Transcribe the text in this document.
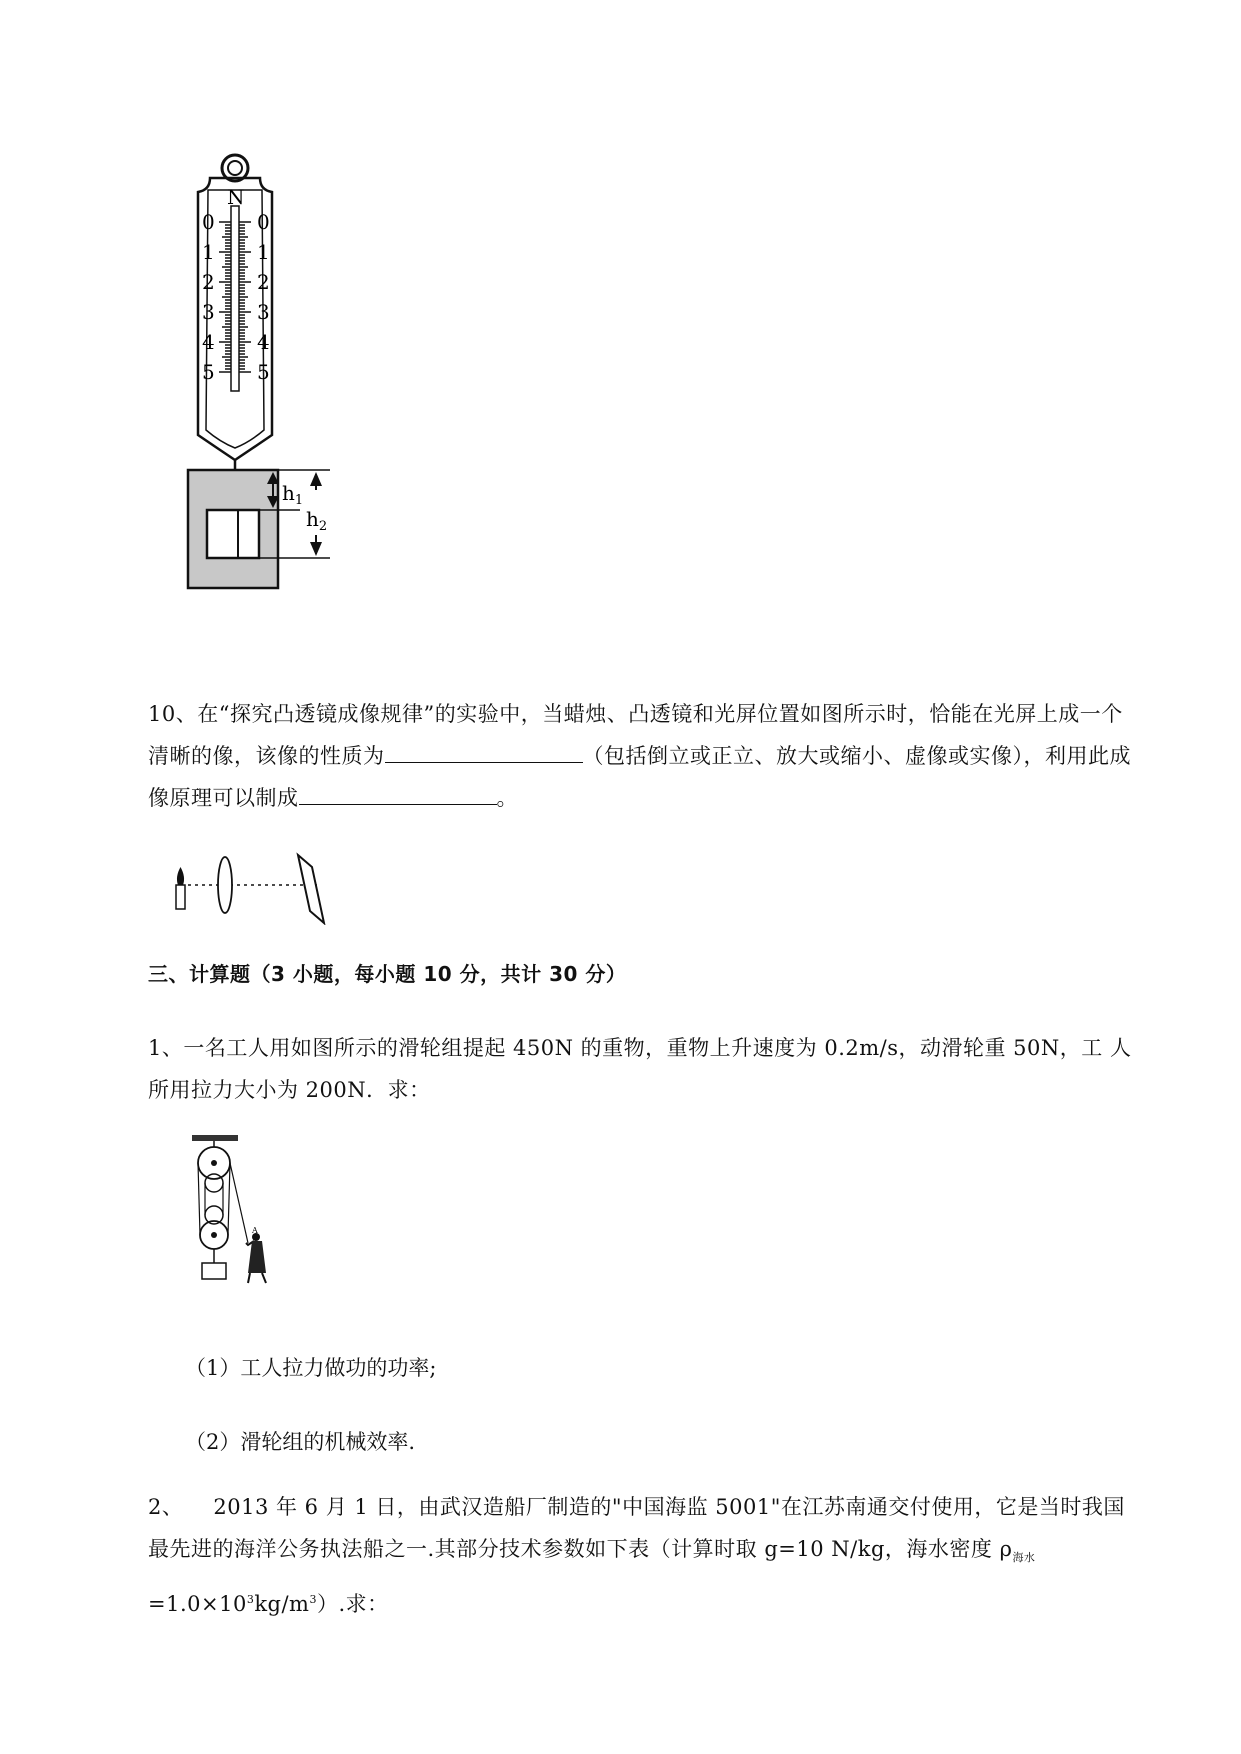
N
0
1
2
3
4
5
0
1
2
3
4
5
$h_1$
$h_2$
10、在“探究凸透镜成像规律”的实验中，当蜡烛、凸透镜和光屏位置如图所示时，恰能在光屏上成一个清晰的像，该像的性质为	（包括倒立或正立、放大或缩小、虚像或实像），利用此成像原理可以制成	。
三、计算题（3 小题，每小题 10 分，共计 30 分）
1、一名工人用如图所示的滑轮组提起 450N 的重物，重物上升速度为 0.2m/s，动滑轮重 50N，工 人所用拉力大小为 200N．求：
A
（1）工人拉力做功的功率;
（2）滑轮组的机械效率.
2、 2013 年 6 月 1 日，由武汉造船厂制造的"中国海监 5001"在江苏南通交付使用，它是当时我国最先进的海洋公务执法船之一.其部分技术参数如下表（计算时取 g=10 N/kg，海水密度 $\rho_{海水}=1.0\times 10^3kg/m^3$）.求：
